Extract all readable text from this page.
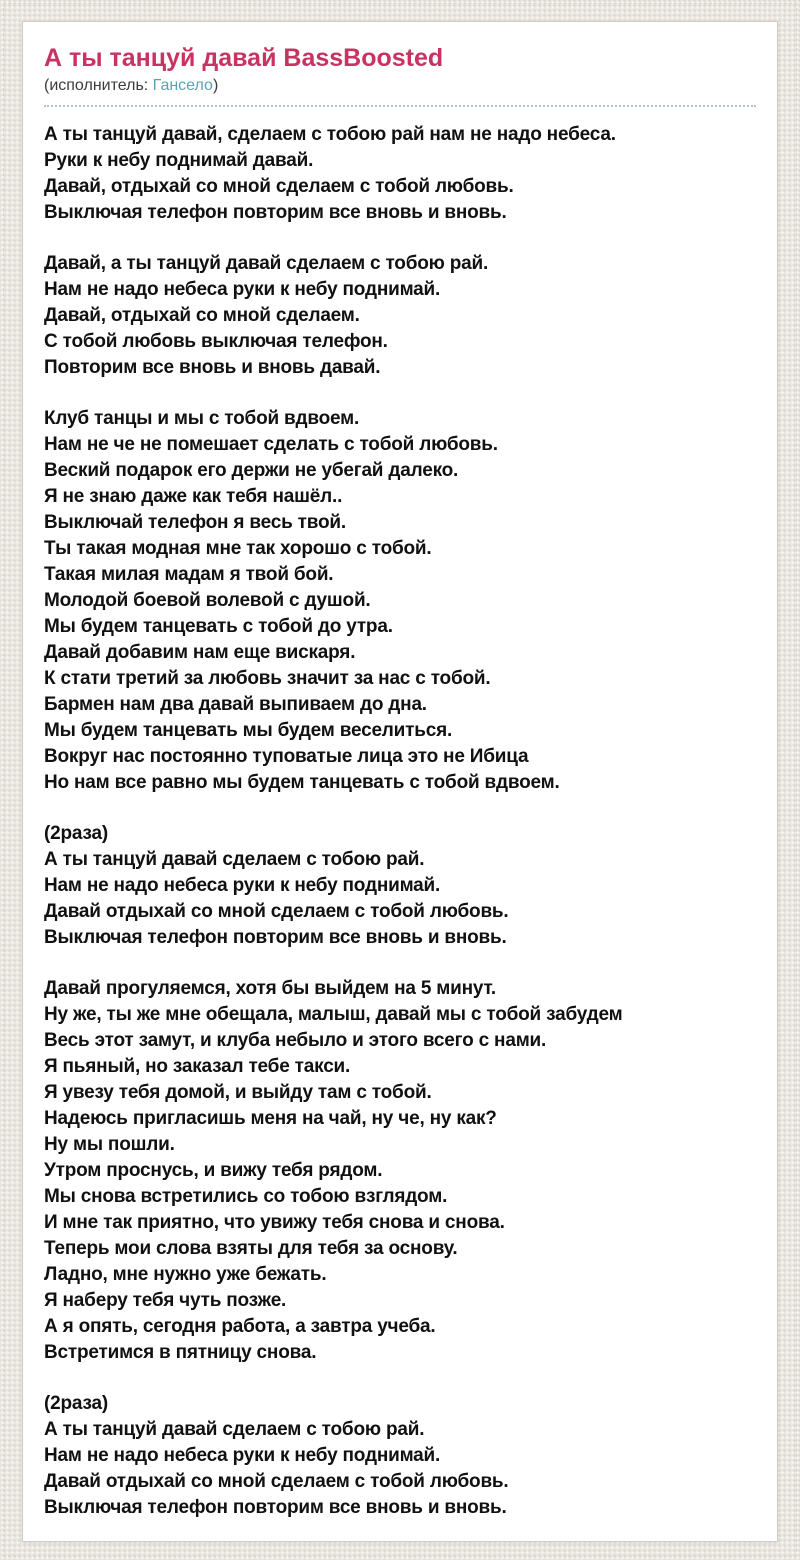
А ты танцуй давай BassBoosted
(исполнитель: Гансело)
А ты танцуй давай, сделаем с тобою рай нам не надо небеса.
Руки к небу поднимай давай.
Давай, отдыхай со мной сделаем с тобой любовь.
Выключая телефон повторим все вновь и вновь.
Давай, а ты танцуй давай сделаем с тобою рай.
Нам не надо небеса руки к небу поднимай.
Давай, отдыхай со мной сделаем.
С тобой любовь выключая телефон.
Повторим все вновь и вновь давай.
Клуб танцы и мы с тобой вдвоем.
Нам не че не помешает сделать с тобой любовь.
Веский подарок его держи не убегай далеко.
Я не знаю даже как тебя нашёл..
Выключай телефон я весь твой.
Ты такая модная мне так хорошо с тобой.
Такая милая мадам я твой бой.
Молодой боевой волевой с душой.
Мы будем танцевать с тобой до утра.
Давай добавим нам еще вискаря.
К стати третий за любовь значит за нас с тобой.
Бармен нам два давай выпиваем до дна.
Мы будем танцевать мы будем веселиться.
Вокруг нас постоянно туповатые лица это не Ибица
Но нам все равно мы будем танцевать с тобой вдвоем.
(2раза)
А ты танцуй давай сделаем с тобою рай.
Нам не надо небеса руки к небу поднимай.
Давай отдыхай со мной сделаем с тобой любовь.
Выключая телефон повторим все вновь и вновь.
Давай прогуляемся, хотя бы выйдем на 5 минут.
Ну же, ты же мне обещала, малыш, давай мы с тобой забудем
Весь этот замут, и клуба небыло и этого всего с нами.
Я пьяный, но заказал тебе такси.
Я увезу тебя домой, и выйду там с тобой.
Надеюсь пригласишь меня на чай, ну че, ну как?
Ну мы пошли.
Утром проснусь, и вижу тебя рядом.
Мы снова встретились со тобою взглядом.
И мне так приятно, что увижу тебя снова и снова.
Теперь мои слова взяты для тебя за основу.
Ладно, мне нужно уже бежать.
Я наберу тебя чуть позже.
А я опять, сегодня работа, а завтра учеба.
Встретимся в пятницу снова.
(2раза)
А ты танцуй давай сделаем с тобою рай.
Нам не надо небеса руки к небу поднимай.
Давай отдыхай со мной сделаем с тобой любовь.
Выключая телефон повторим все вновь и вновь.
